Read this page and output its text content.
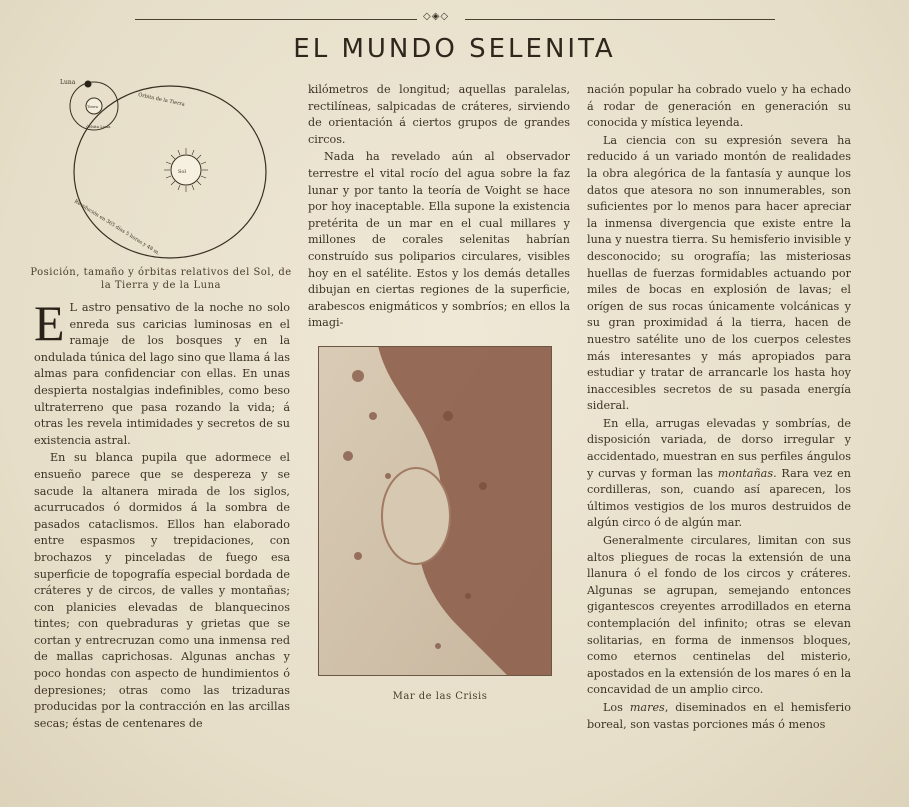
◇◈◇
EL MUNDO SELENITA
Sol
Luna
Tierra
Órbita Luna
Órbita de la Tierra
Revolución en 365 días 5 horas y 48 m.
Posición, tamaño y órbitas relativos del Sol, de la Tierra y de la Luna
Mar de las Crisis

E L astro pensativo de la noche no solo enreda sus caricias luminosas en el ramaje de los bosques y en la ondulada túnica del lago sino que llama á las almas para confidenciar con ellas. En unas despierta nostalgias indefinibles, como beso ultraterreno que pasa rozando la vida; á otras les revela intimidades y secretos de su existencia astral.

En su blanca pupila que adormece el ensueño parece que se despereza y se sacude la altanera mirada de los siglos, acurrucados ó dormidos á la sombra de pasados cataclismos. Ellos han elaborado entre espasmos y trepidaciones, con brochazos y pinceladas de fuego esa superficie de topografía especial bordada de cráteres y de circos, de valles y montañas; con planicies elevadas de blanquecinos tintes; con quebraduras y grietas que se cortan y entrecruzan como una inmensa red de mallas caprichosas. Algunas anchas y poco hondas con aspecto de hundimientos ó depresiones; otras como las trizaduras producidas por la contracción en las arcillas secas; éstas de centenares de

kilómetros de longitud; aquellas paralelas, rectilíneas, salpicadas de cráteres, sirviendo de orientación á ciertos grupos de grandes circos.

Nada ha revelado aún al observador terrestre el vital rocío del agua sobre la faz lunar y por tanto la teoría de Voight se hace por hoy inaceptable. Ella supone la existencia pretérita de un mar en el cual millares y millones de corales selenitas habrían construído sus poliparios circulares, visibles hoy en el satélite. Estos y los demás detalles dibujan en ciertas regiones de la superficie, arabescos enigmáticos y sombríos; en ellos la imagi-

nación popular ha cobrado vuelo y ha echado á rodar de generación en generación su conocida y mística leyenda.

La ciencia con su expresión severa ha reducido á un variado montón de realidades la obra alegórica de la fantasía y aunque los datos que atesora no son innumerables, son suficientes por lo menos para hacer apreciar la inmensa divergencia que existe entre la luna y nuestra tierra. Su hemisferio invisible y desconocido; su orografía; las misteriosas huellas de fuerzas formidables actuando por miles de bocas en explosión de lavas; el orígen de sus rocas únicamente volcánicas y su gran proximidad á la tierra, hacen de nuestro satélite uno de los cuerpos celestes más interesantes y más apropiados para estudiar y tratar de arrancarle los hasta hoy inaccesibles secretos de su pasada energía sideral.

En ella, arrugas elevadas y sombrías, de disposición variada, de dorso irregular y accidentado, muestran en sus perfiles ángulos y curvas y forman las montañas. Rara vez en cordilleras, son, cuando así aparecen, los últimos vestigios de los muros destruidos de algún circo ó de algún mar.

Generalmente circulares, limitan con sus altos pliegues de rocas la extensión de una llanura ó el fondo de los circos y cráteres. Algunas se agrupan, semejando entonces gigantescos creyentes arrodillados en eterna contemplación del infinito; otras se elevan solitarias, en forma de inmensos bloques, como eternos centinelas del misterio, apostados en la extensión de los mares ó en la concavidad de un amplio circo.

Los mares, diseminados en el hemisferio boreal, son vastas porciones más ó menos
